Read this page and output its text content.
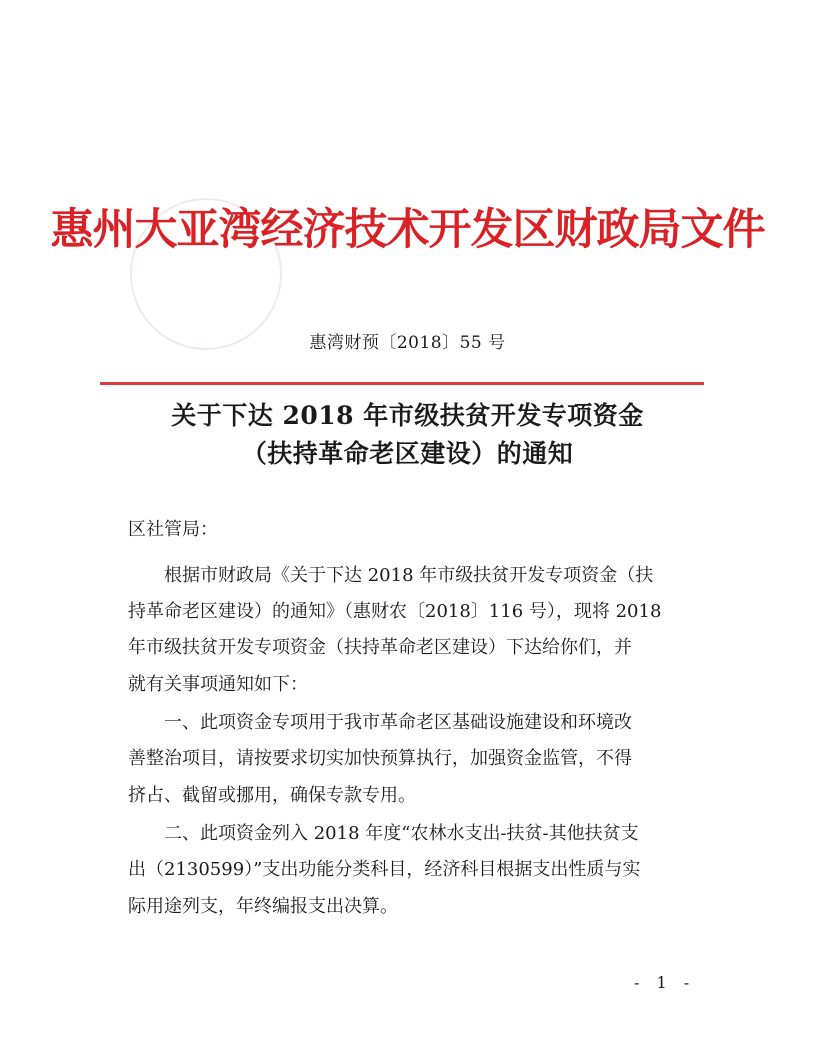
惠州大亚湾经济技术开发区财政局文件
惠湾财预〔2018〕55 号
关于下达 2018 年市级扶贫开发专项资金
（扶持革命老区建设）的通知
区社管局：
　　根据市财政局《关于下达 2018 年市级扶贫开发专项资金（扶
持革命老区建设）的通知》（惠财农〔2018〕116 号），现将 2018
年市级扶贫开发专项资金（扶持革命老区建设）下达给你们，并
就有关事项通知如下：
　　一、此项资金专项用于我市革命老区基础设施建设和环境改
善整治项目，请按要求切实加快预算执行，加强资金监管，不得
挤占、截留或挪用，确保专款专用。
　　二、此项资金列入 2018 年度“农林水支出-扶贫-其他扶贫支
出（2130599）”支出功能分类科目，经济科目根据支出性质与实
际用途列支，年终编报支出决算。
- 1 -
